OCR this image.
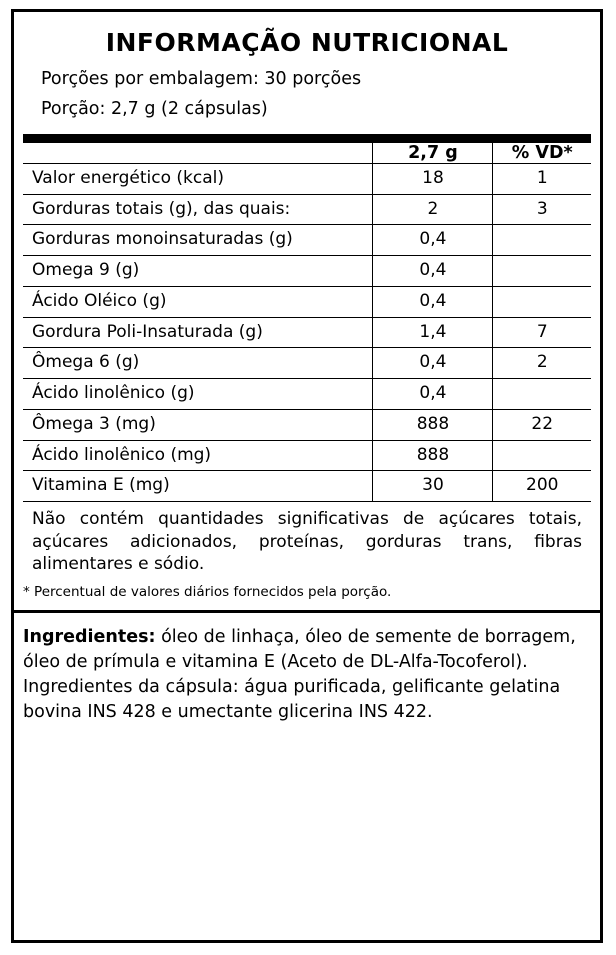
INFORMAÇÃO NUTRICIONAL
Porções por embalagem: 30 porções
Porção: 2,7 g (2 cápsulas)
	2,7 g	% VD*
Valor energético (kcal)	18	1
Gorduras totais (g), das quais:	2	3
Gorduras monoinsaturadas (g)	0,4	
Omega 9 (g)	0,4	
Ácido Oléico (g)	0,4	
Gordura Poli-Insaturada (g)	1,4	7
Ômega 6 (g)	0,4	2
Ácido linolênico (g)	0,4	
Ômega 3 (mg)	888	22
Ácido linolênico (mg)	888	
Vitamina E (mg)	30	200
Não contém quantidades significativas de açúcares totais, açúcares adicionados, proteínas, gorduras trans, fibras alimentares e sódio.
* Percentual de valores diários fornecidos pela porção.
Ingredientes: óleo de linhaça, óleo de semente de borragem, óleo de prímula e vitamina E (Aceto de DL-Alfa-Tocoferol). Ingredientes da cápsula: água purificada, gelificante gelatina bovina INS 428 e umectante glicerina INS 422.
